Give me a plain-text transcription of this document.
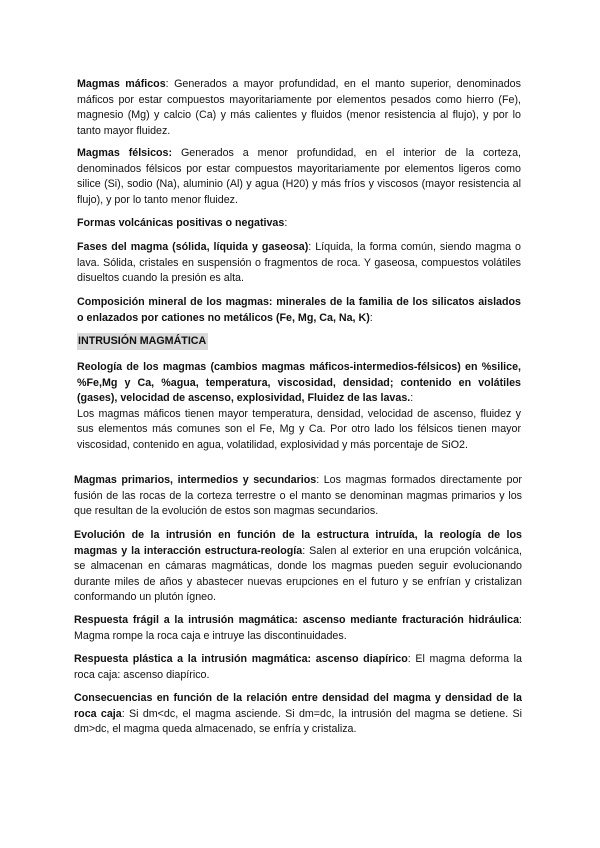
Magmas máficos: Generados a mayor profundidad, en el manto superior, denominados máficos por estar compuestos mayoritariamente por elementos pesados como hierro (Fe), magnesio (Mg) y calcio (Ca) y más calientes y fluidos (menor resistencia al flujo), y por lo tanto mayor fluidez.

Magmas félsicos: Generados a menor profundidad, en el interior de la corteza, denominados félsicos por estar compuestos mayoritariamente por elementos ligeros como silice (Si), sodio (Na), aluminio (Al) y agua (H20) y más fríos y viscosos (mayor resistencia al flujo), y por lo tanto menor fluidez.

Formas volcánicas positivas o negativas:

Fases del magma (sólida, líquida y gaseosa): Líquida, la forma común, siendo magma o lava. Sólida, cristales en suspensión o fragmentos de roca. Y gaseosa, compuestos volátiles disueltos cuando la presión es alta.

Composición mineral de los magmas: minerales de la familia de los silicatos aislados o enlazados por cationes no metálicos (Fe, Mg, Ca, Na, K):

INTRUSIÓN MAGMÁTICA

Reología de los magmas (cambios magmas máficos-intermedios-félsicos) en %silice, %Fe,Mg y Ca, %agua, temperatura, viscosidad, densidad; contenido en volátiles (gases), velocidad de ascenso, explosividad, Fluidez de las lavas.:
Los magmas máficos tienen mayor temperatura, densidad, velocidad de ascenso, fluidez y sus elementos más comunes son el Fe, Mg y Ca. Por otro lado los félsicos tienen mayor viscosidad, contenido en agua, volatilidad, explosividad y más porcentaje de SiO2.

Magmas primarios, intermedios y secundarios: Los magmas formados directamente por fusión de las rocas de la corteza terrestre o el manto se denominan magmas primarios y los que resultan de la evolución de estos son magmas secundarios.

Evolución de la intrusión en función de la estructura intruída, la reología de los magmas y la interacción estructura-reología: Salen al exterior en una erupción volcánica, se almacenan en cámaras magmáticas, donde los magmas pueden seguir evolucionando durante miles de años y abastecer nuevas erupciones en el futuro y se enfrían y cristalizan conformando un plutón ígneo.

Respuesta frágil a la intrusión magmática: ascenso mediante fracturación hidráulica: Magma rompe la roca caja e intruye las discontinuidades.

Respuesta plástica a la intrusión magmática: ascenso diapírico: El magma deforma la roca caja: ascenso diapírico.

Consecuencias en función de la relación entre densidad del magma y densidad de la roca caja: Si dm<dc, el magma asciende. Si dm=dc, la intrusión del magma se detiene. Si dm>dc, el magma queda almacenado, se enfría y cristaliza.
